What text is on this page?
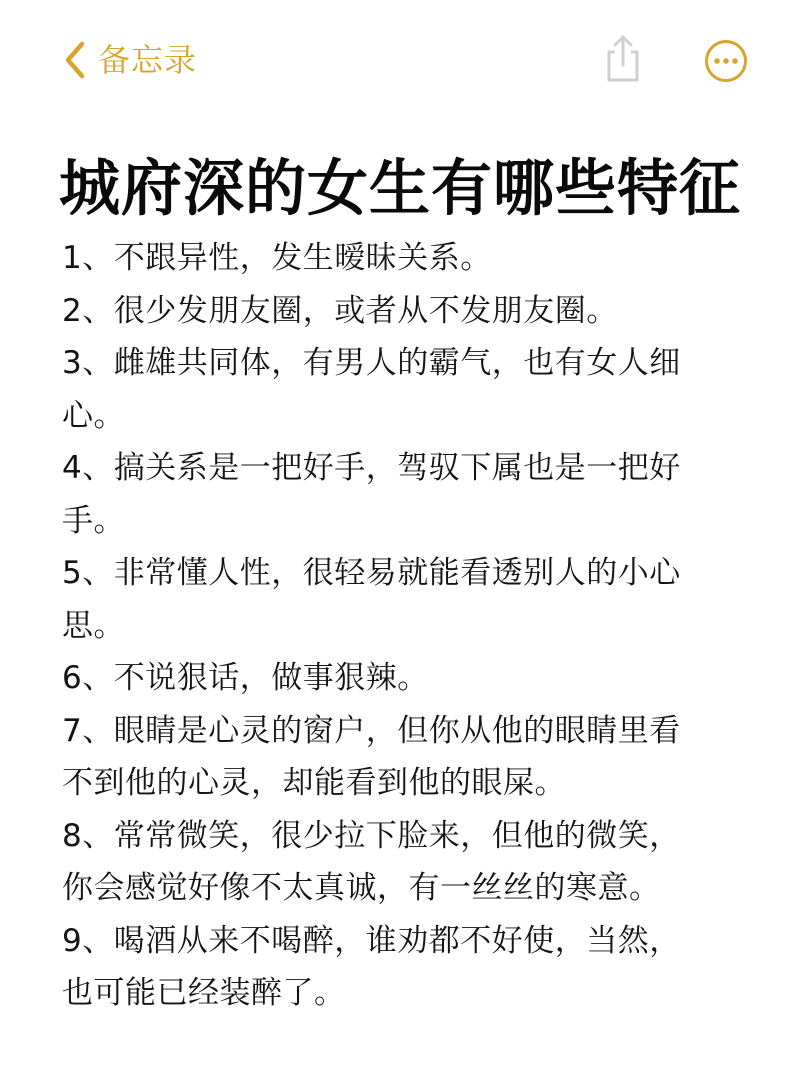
备忘录
城府深的女生有哪些特征
1、不跟异性，发生暧昧关系。
2、很少发朋友圈，或者从不发朋友圈。
3、雌雄共同体，有男人的霸气，也有女人细
心。
4、搞关系是一把好手，驾驭下属也是一把好
手。
5、非常懂人性，很轻易就能看透别人的小心
思。
6、不说狠话，做事狠辣。
7、眼睛是心灵的窗户，但你从他的眼睛里看
不到他的心灵，却能看到他的眼屎。
8、常常微笑，很少拉下脸来，但他的微笑，
你会感觉好像不太真诚，有一丝丝的寒意。
9、喝酒从来不喝醉，谁劝都不好使，当然，
也可能已经装醉了。
